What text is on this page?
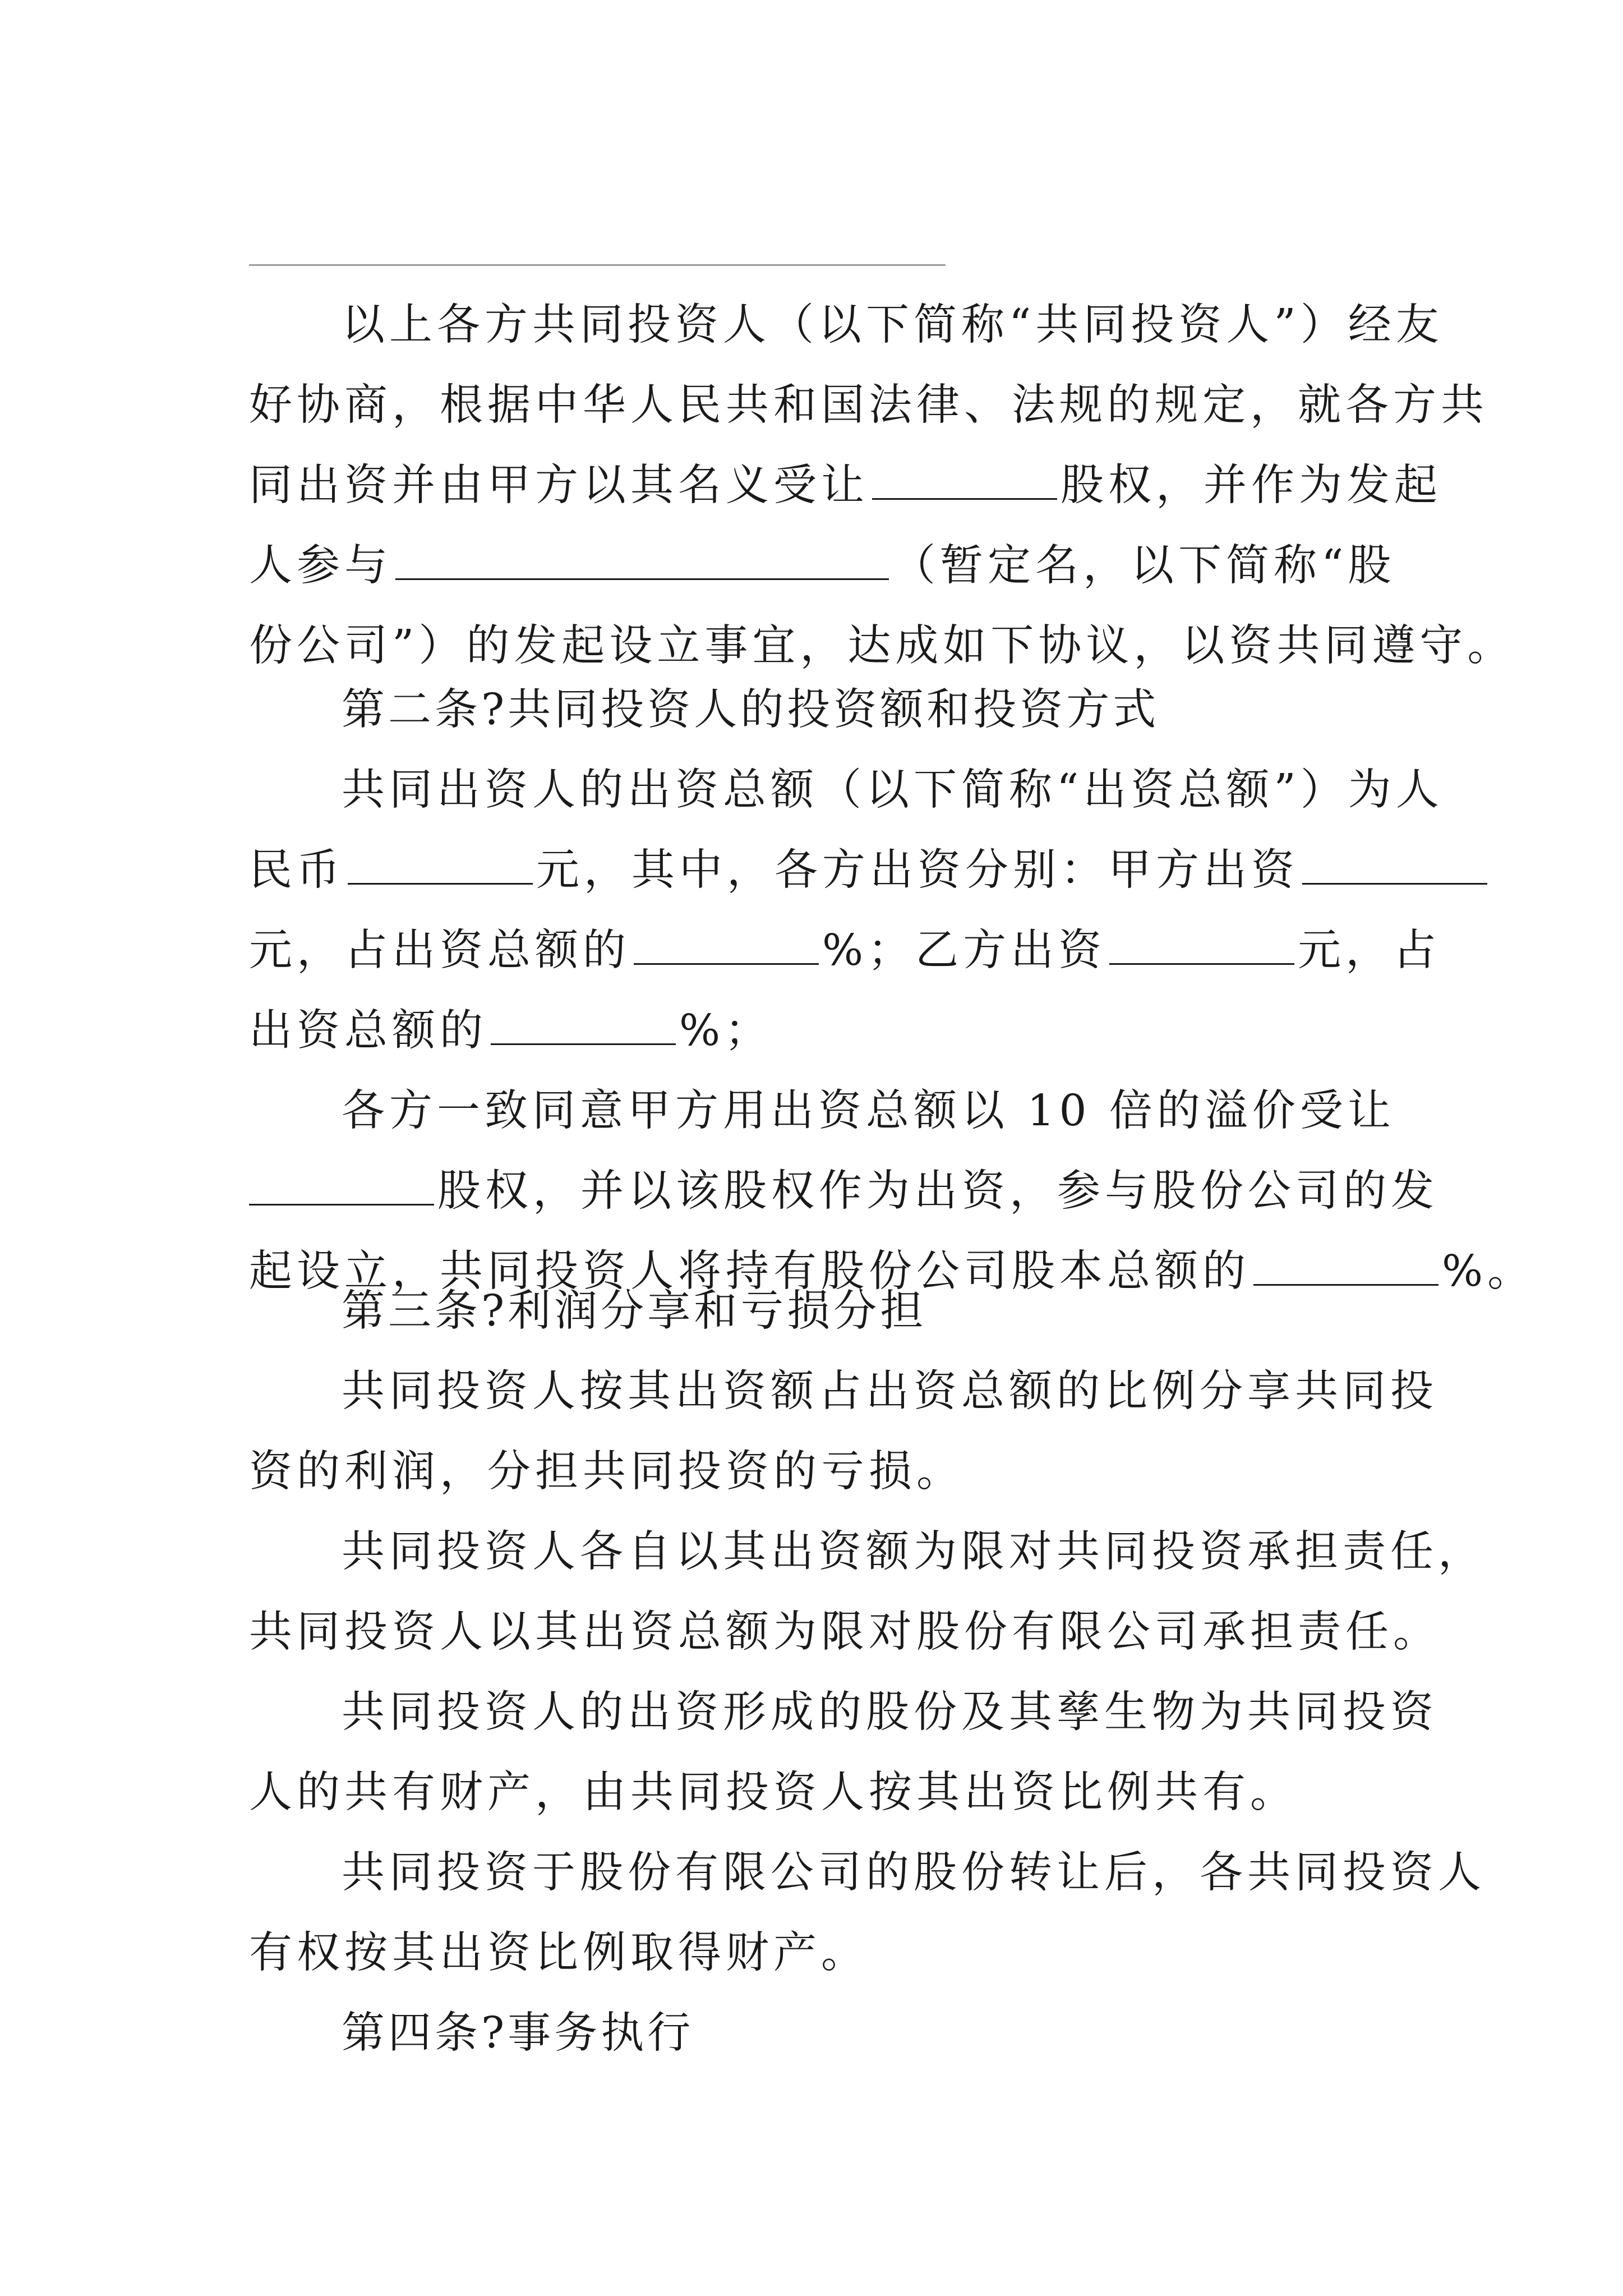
以上各方共同投资人（以下简称“共同投资人”）经友
好协商，根据中华人民共和国法律、法规的规定，就各方共
同出资并由甲方以其名义受让	股权，并作为发起
人参与	（暂定名，以下简称“股
份公司”）的发起设立事宜，达成如下协议，以资共同遵守。
第二条?共同投资人的投资额和投资方式
共同出资人的出资总额（以下简称“出资总额”）为人
民币	元，其中，各方出资分别：甲方出资
元，占出资总额的	%；乙方出资	元，占
出资总额的	%；
各方一致同意甲方用出资总额以 10 倍的溢价受让
股权，并以该股权作为出资，参与股份公司的发
起设立，共同投资人将持有股份公司股本总额的	%。
第三条?利润分享和亏损分担
共同投资人按其出资额占出资总额的比例分享共同投
资的利润，分担共同投资的亏损。
共同投资人各自以其出资额为限对共同投资承担责任，
共同投资人以其出资总额为限对股份有限公司承担责任。
共同投资人的出资形成的股份及其孳生物为共同投资
人的共有财产，由共同投资人按其出资比例共有。
共同投资于股份有限公司的股份转让后，各共同投资人
有权按其出资比例取得财产。
第四条?事务执行
